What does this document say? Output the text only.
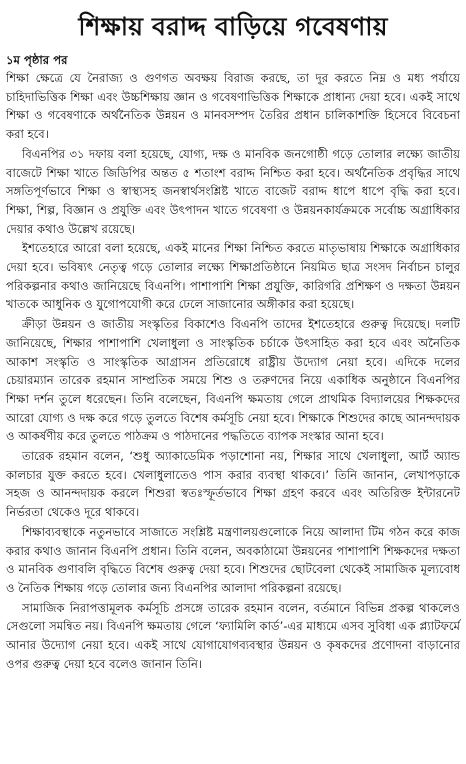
শিক্ষায় বরাদ্দ বাড়িয়ে গবেষণায়

১ম পৃষ্ঠার পর

শিক্ষা ক্ষেত্রে যে নৈরাজ্য ও গুণগত অবক্ষয় বিরাজ করছে, তা দূর করতে নিম্ন ও মধ্য পর্যায়ে চাহিদাভিত্তিক শিক্ষা এবং উচ্চশিক্ষায় জ্ঞান ও গবেষণাভিত্তিক শিক্ষাকে প্রাধান্য দেয়া হবে। একই সাথে শিক্ষা ও গবেষণাকে অর্থনৈতিক উন্নয়ন ও মানবসম্পদ তৈরির প্রধান চালিকাশক্তি হিসেবে বিবেচনা করা হবে।

বিএনপির ৩১ দফায় বলা হয়েছে, যোগ্য, দক্ষ ও মানবিক জনগোষ্ঠী গড়ে তোলার লক্ষ্যে জাতীয় বাজেটে শিক্ষা খাতে জিডিপির অন্তত ৫ শতাংশ বরাদ্দ নিশ্চিত করা হবে। অর্থনৈতিক প্রবৃদ্ধির সাথে সঙ্গতিপূর্ণভাবে শিক্ষা ও স্বাস্থ্যসহ জনস্বার্থসংশ্লিষ্ট খাতে বাজেট বরাদ্দ ধাপে ধাপে বৃদ্ধি করা হবে। শিক্ষা, শিল্প, বিজ্ঞান ও প্রযুক্তি এবং উৎপাদন খাতে গবেষণা ও উন্নয়নকার্যক্রমকে সর্বোচ্চ অগ্রাধিকার দেয়ার কথাও উল্লেখ রয়েছে।

ইশতেহারে আরো বলা হয়েছে, একই মানের শিক্ষা নিশ্চিত করতে মাতৃভাষায় শিক্ষাকে অগ্রাধিকার দেয়া হবে। ভবিষ্যৎ নেতৃত্ব গড়ে তোলার লক্ষ্যে শিক্ষাপ্রতিষ্ঠানে নিয়মিত ছাত্র সংসদ নির্বাচন চালুর পরিকল্পনার কথাও জানিয়েছে বিএনপি। পাশাপাশি শিক্ষা প্রযুক্তি, কারিগরি প্রশিক্ষণ ও দক্ষতা উন্নয়ন খাতকে আধুনিক ও যুগোপযোগী করে ঢেলে সাজানোর অঙ্গীকার করা হয়েছে।

ক্রীড়া উন্নয়ন ও জাতীয় সংস্কৃতির বিকাশেও বিএনপি তাদের ইশতেহারে গুরুত্ব দিয়েছে। দলটি জানিয়েছে, শিক্ষার পাশাপাশি খেলাধুলা ও সাংস্কৃতিক চর্চাকে উৎসাহিত করা হবে এবং অনৈতিক আকাশ সংস্কৃতি ও সাংস্কৃতিক আগ্রাসন প্রতিরোধে রাষ্ট্রীয় উদ্যোগ নেয়া হবে। এদিকে দলের চেয়ারম্যান তারেক রহমান সাম্প্রতিক সময়ে শিশু ও তরুণদের নিয়ে একাধিক অনুষ্ঠানে বিএনপির শিক্ষা দর্শন তুলে ধরেছেন। তিনি বলেছেন, বিএনপি ক্ষমতায় গেলে প্রাথমিক বিদ্যালয়ের শিক্ষকদের আরো যোগ্য ও দক্ষ করে গড়ে তুলতে বিশেষ কর্মসূচি নেয়া হবে। শিক্ষাকে শিশুদের কাছে আনন্দদায়ক ও আকর্ষণীয় করে তুলতে পাঠক্রম ও পাঠদানের পদ্ধতিতে ব্যাপক সংস্কার আনা হবে।

তারেক রহমান বলেন, ‘শুধু অ্যাকাডেমিক পড়াশোনা নয়, শিক্ষার সাথে খেলাধুলা, আর্ট অ্যান্ড কালচার যুক্ত করতে হবে। খেলাধুলাতেও পাস করার ব্যবস্থা থাকবে।’ তিনি জানান, লেখাপড়াকে সহজ ও আনন্দদায়ক করলে শিশুরা স্বতঃস্ফূর্তভাবে শিক্ষা গ্রহণ করবে এবং অতিরিক্ত ইন্টারনেট নির্ভরতা থেকেও দূরে থাকবে।

শিক্ষাব্যবস্থাকে নতুনভাবে সাজাতে সংশ্লিষ্ট মন্ত্রণালয়গুলোকে নিয়ে আলাদা টিম গঠন করে কাজ করার কথাও জানান বিএনপি প্রধান। তিনি বলেন, অবকাঠামো উন্নয়নের পাশাপাশি শিক্ষকদের দক্ষতা ও মানবিক গুণাবলি বৃদ্ধিতে বিশেষ গুরুত্ব দেয়া হবে। শিশুদের ছোটবেলা থেকেই সামাজিক মূল্যবোধ ও নৈতিক শিক্ষায় গড়ে তোলার জন্য বিএনপির আলাদা পরিকল্পনা রয়েছে।

সামাজিক নিরাপত্তামূলক কর্মসূচি প্রসঙ্গে তারেক রহমান বলেন, বর্তমানে বিভিন্ন প্রকল্প থাকলেও সেগুলো সমন্বিত নয়। বিএনপি ক্ষমতায় গেলে ‘ফ্যামিলি কার্ড’-এর মাধ্যমে এসব সুবিধা এক প্ল্যাটফর্মে আনার উদ্যোগ নেয়া হবে। একই সাথে যোগাযোগব্যবস্থার উন্নয়ন ও কৃষকদের প্রণোদনা বাড়ানোর ওপর গুরুত্ব দেয়া হবে বলেও জানান তিনি।
